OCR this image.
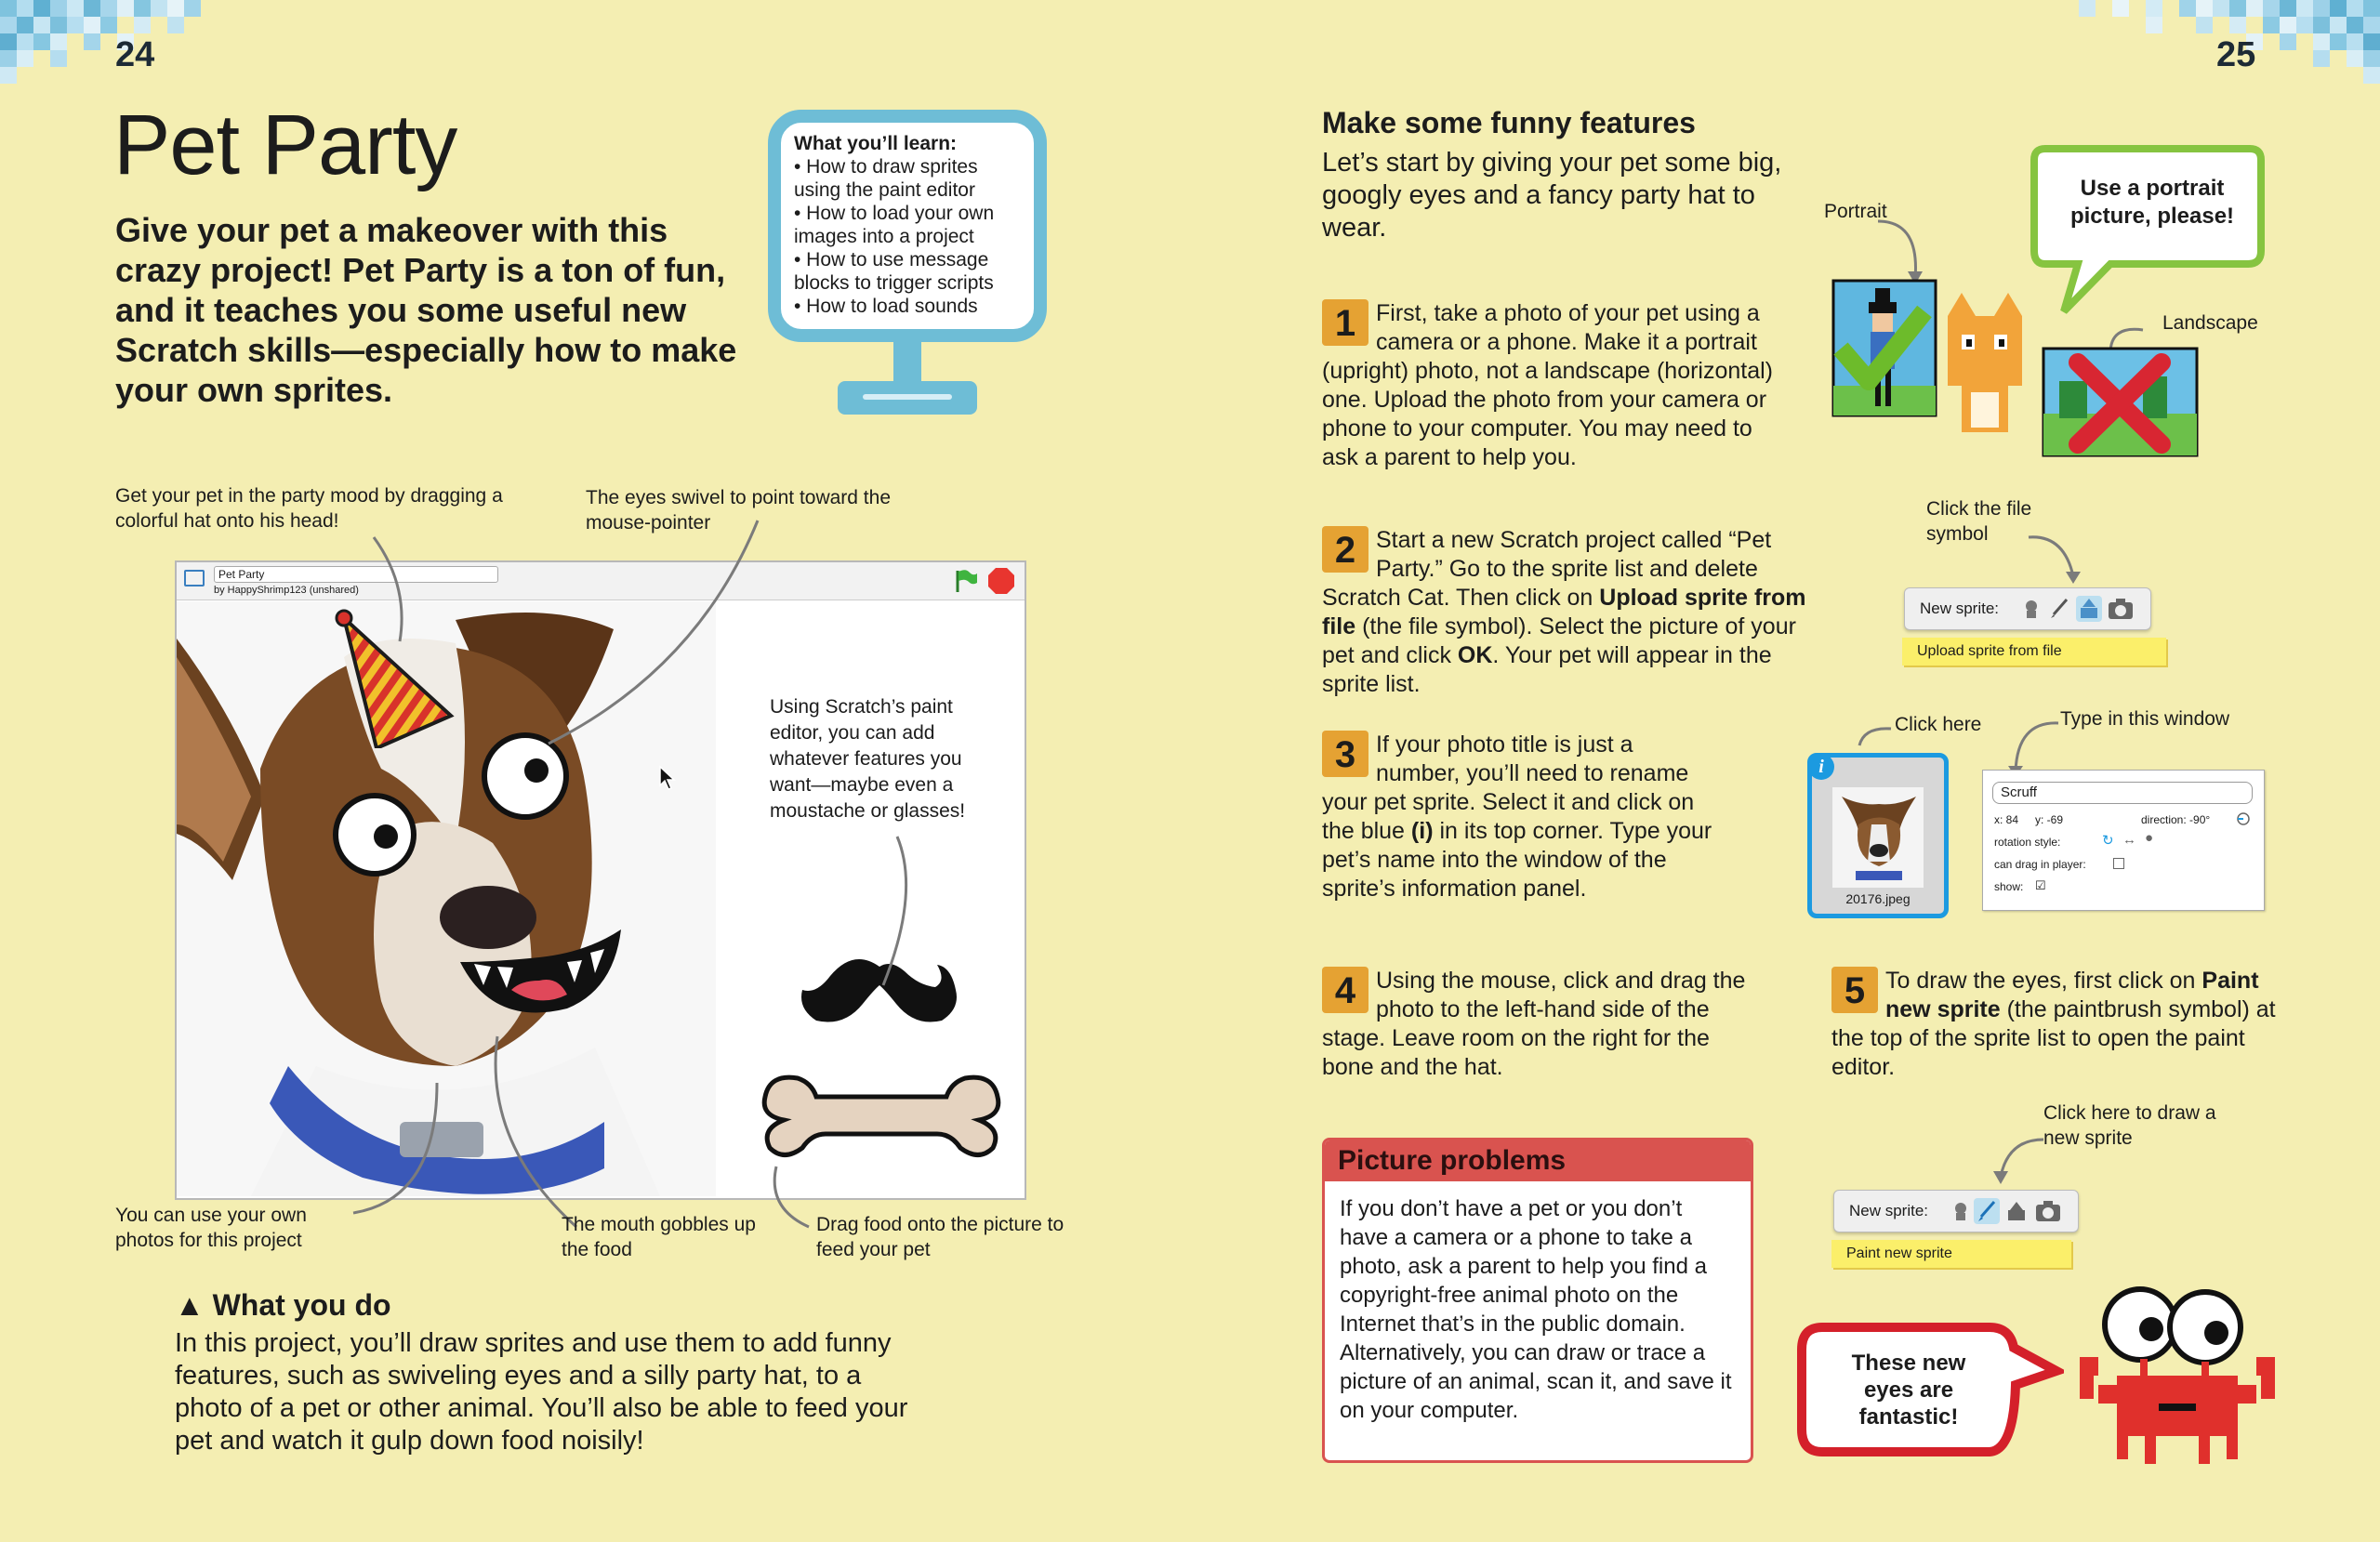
24	25
Pet Party
Give your pet a makeover with this crazy project! Pet Party is a ton of fun, and it teaches you some useful new Scratch skills—especially how to make your own sprites.
What you’ll learn:
• How to draw sprites using the paint editor
• How to load your own images into a project
• How to use message blocks to trigger scripts
• How to load sounds
Get your pet in the party mood by dragging a colorful hat onto his head!
The eyes swivel to point toward the mouse-pointer
Pet Party
by HappyShrimp123 (unshared)
Using Scratch’s paint editor, you can add whatever features you want—maybe even a moustache or glasses!
You can use your own photos for this project
The mouth gobbles up the food
Drag food onto the picture to feed your pet
▲ What you do
In this project, you’ll draw sprites and use them to add funny features, such as swiveling eyes and a silly party hat, to a photo of a pet or other animal. You’ll also be able to feed your pet and watch it gulp down food noisily!
Make some funny features
Let’s start by giving your pet some big, googly eyes and a fancy party hat to wear.
Portrait
Landscape
Use a portrait picture, please!
1 First, take a photo of your pet using a camera or a phone. Make it a portrait (upright) photo, not a landscape (horizontal) one. Upload the photo from your camera or phone to your computer. You may need to ask a parent to help you.
2 Start a new Scratch project called “Pet Party.” Go to the sprite list and delete Scratch Cat. Then click on Upload sprite from file (the file symbol). Select the picture of your pet and click OK. Your pet will appear in the sprite list.
Click the file symbol
New sprite:
Upload sprite from file
3 If your photo title is just a number, you’ll need to rename your pet sprite. Select it and click on the blue (i) in its top corner. Type your pet’s name into the window of the sprite’s information panel.
Click here	Type in this window
i
20176.jpeg
Scruff
x: 84 y: -69	direction: -90°
rotation style:	↻ ↔ ●
can drag in player:
show: ☑
4 Using the mouse, click and drag the photo to the left-hand side of the stage. Leave room on the right for the bone and the hat.
5 To draw the eyes, first click on Paint new sprite (the paintbrush symbol) at the top of the sprite list to open the paint editor.
Picture problems
If you don’t have a pet or you don’t have a camera or a phone to take a photo, ask a parent to help you find a copyright-free animal photo on the Internet that’s in the public domain. Alternatively, you can draw or trace a picture of an animal, scan it, and save it on your computer.
Click here to draw a new sprite
New sprite:
Paint new sprite
These new eyes are fantastic!
